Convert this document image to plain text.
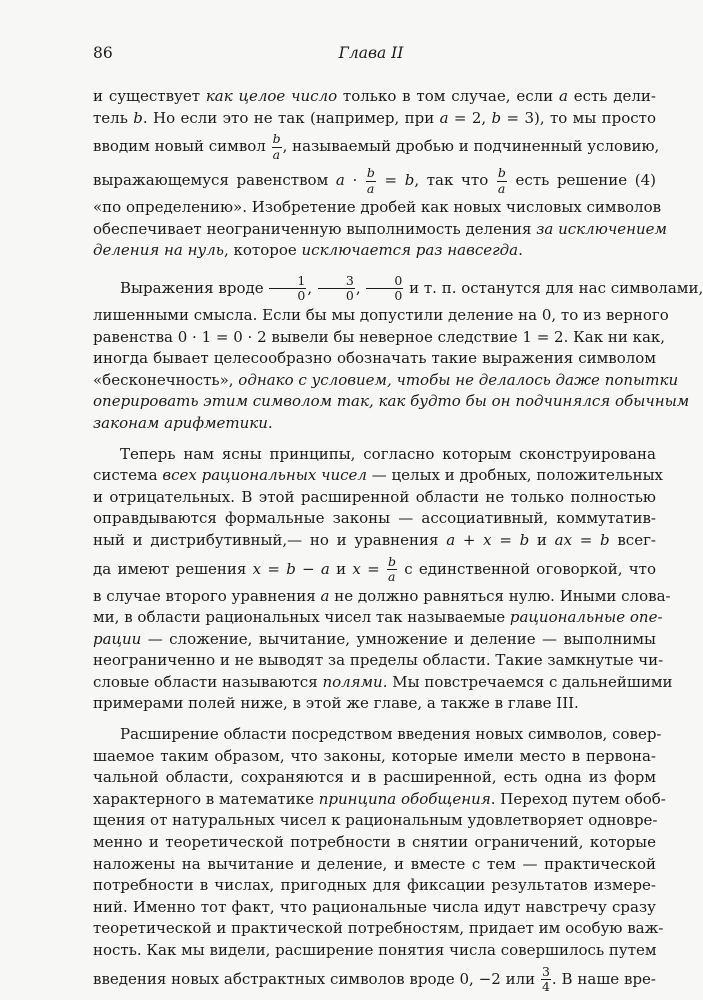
86	Глава II
и существует как целое число только в том случае, если a есть дели-
тель b. Но если это не так (например, при a = 2, b = 3), то мы просто
вводим новый символ $\frac{b}{a}$ , называемый дробью и подчиненный условию,
выражающемуся равенством $a \cdot \frac{b}{a} = b$, так что $\frac{b}{a}$ есть решение (4)
«по определению». Изобретение дробей как новых числовых символов
обеспечивает неограниченную выполнимость деления за исключением
деления на нуль, которое исключается раз навсегда.
Выражения вроде $\frac{1}{0}$ , $\frac{3}{0}$ , $\frac{0}{0}$ и т. п. останутся для нас символами,
лишенными смысла. Если бы мы допустили деление на 0, то из верного
равенства 0 · 1 = 0 · 2 вывели бы неверное следствие 1 = 2. Как ни как,
иногда бывает целесообразно обозначать такие выражения символом
«бесконечность», однако с условием, чтобы не делалось даже попытки
оперировать этим символом так, как будто бы он подчинялся обычным
законам арифметики.
Теперь нам ясны принципы, согласно которым сконструирована
система всех рациональных чисел — целых и дробных, положительных
и отрицательных. В этой расширенной области не только полностью
оправдываются формальные законы — ассоциативный, коммутатив-
ный и дистрибутивный,— но и уравнения a + x = b и ax = b всег-
да имеют решения x = b − a и $x = \frac{b}{a}$ с единственной оговоркой, что
в случае второго уравнения a не должно равняться нулю. Иными слова-
ми, в области рациональных чисел так называемые рациональные опе-
рации — сложение, вычитание, умножение и деление — выполнимы
неограниченно и не выводят за пределы области. Такие замкнутые чи-
словые области называются полями. Мы повстречаемся с дальнейшими
примерами полей ниже, в этой же главе, а также в главе III.
Расширение области посредством введения новых символов, совер-
шаемое таким образом, что законы, которые имели место в первона-
чальной области, сохраняются и в расширенной, есть одна из форм
характерного в математике принципа обобщения. Переход путем обоб-
щения от натуральных чисел к рациональным удовлетворяет одновре-
менно и теоретической потребности в снятии ограничений, которые
наложены на вычитание и деление, и вместе с тем — практической
потребности в числах, пригодных для фиксации результатов измере-
ний. Именно тот факт, что рациональные числа идут навстречу сразу
теоретической и практической потребностям, придает им особую важ-
ность. Как мы видели, расширение понятия числа совершилось путем
введения новых абстрактных символов вроде 0, −2 или $\frac{3}{4}$ . В наше вре-
